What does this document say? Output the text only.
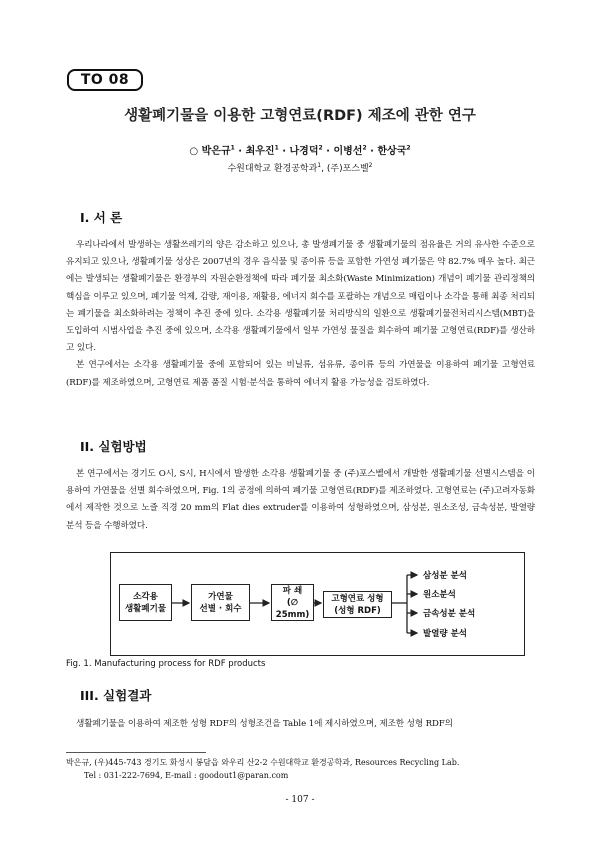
TO 08
생활폐기물을 이용한 고형연료(RDF) 제조에 관한 연구
○ 박은규$^1$ · 최우진$^1$ · 나경덕$^2$ · 이병선$^2$ · 한상국$^2$
수원대학교 환경공학과$^1$, (주)포스벨$^2$
I. 서 론

우리나라에서 발생하는 생활쓰레기의 양은 감소하고 있으나, 총 발생폐기물 중 생활폐기물의 점유율은 거의 유사한 수준으로 유지되고 있으나, 생활폐기물 성상은 2007년의 경우 음식물 및 종이류 등을 포함한 가연성 폐기물은 약 82.7% 매우 높다. 최근에는 발생되는 생활폐기물은 환경부의 자원순환정책에 따라 폐기물 최소화(Waste Minimization) 개념이 폐기물 관리정책의 핵심을 이루고 있으며, 폐기물 억제, 감량, 재이용, 재활용, 에너지 회수를 포괄하는 개념으로 매립이나 소각을 통해 최종 처리되는 폐기물을 최소화하려는 정책이 추진 중에 있다. 소각용 생활폐기물 처리방식의 일환으로 생활폐기물전처리시스템(MBT)을 도입하여 시범사업을 추진 중에 있으며, 소각용 생활폐기물에서 일부 가연성 물질을 회수하여 폐기물 고형연료(RDF)를 생산하고 있다.

본 연구에서는 소각용 생활폐기물 중에 포함되어 있는 비닐류, 섬유류, 종이류 등의 가연물을 이용하여 폐기물 고형연료(RDF)를 제조하였으며, 고형연료 제품 품질 시험·분석을 통하여 에너지 활용 가능성을 검토하였다.

II. 실험방법

본 연구에서는 경기도 O시, S시, H시에서 발생한 소각용 생활폐기물 중 (주)포스벨에서 개발한 생활폐기물 선별시스템을 이용하여 가연물을 선별 회수하였으며, Fig. 1의 공정에 의하여 폐기물 고형연료(RDF)를 제조하였다. 고형연료는 (주)고려자동화에서 제작한 것으로 노즐 직경 20 mm의 Flat dies extruder를 이용하여 성형하였으며, 삼성분, 원소조성, 금속성분, 발열량 분석 등을 수행하였다.

소각용
생활폐기물
가연물
선별 · 회수
파 쇄
(∅ 25mm)
고형연료 성형
(성형 RDF)
삼성분 분석
원소분석
금속성분 분석
발열량 분석
Fig. 1. Manufacturing process for RDF products
III. 실험결과

생활폐기물을 이용하여 제조한 성형 RDF의 성형조건을 Table 1에 제시하였으며, 제조한 성형 RDF의

박은규, (우)445-743 경기도 화성시 봉담읍 와우리 산2-2 수원대학교 환경공학과, Resources Recycling Lab.
Tel : 031-222-7694, E-mail : goodout1@paran.com
- 107 -
